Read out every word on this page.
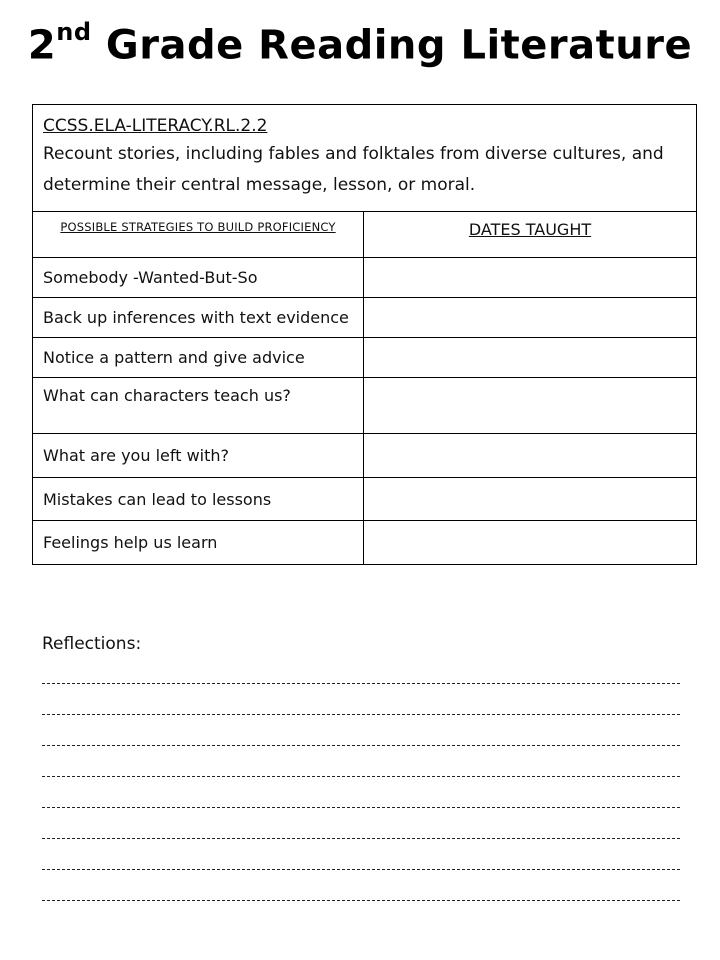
2nd Grade Reading Literature
CCSS.ELA-LITERACY.RL.2.2
Recount stories, including fables and folktales from diverse cultures, and determine their central message, lesson, or moral.
POSSIBLE STRATEGIES TO BUILD PROFICIENCY	DATES TAUGHT
Somebody -Wanted-But-So
Back up inferences with text evidence
Notice a pattern and give advice
What can characters teach us?
What are you left with?
Mistakes can lead to lessons
Feelings help us learn
Reflections:
